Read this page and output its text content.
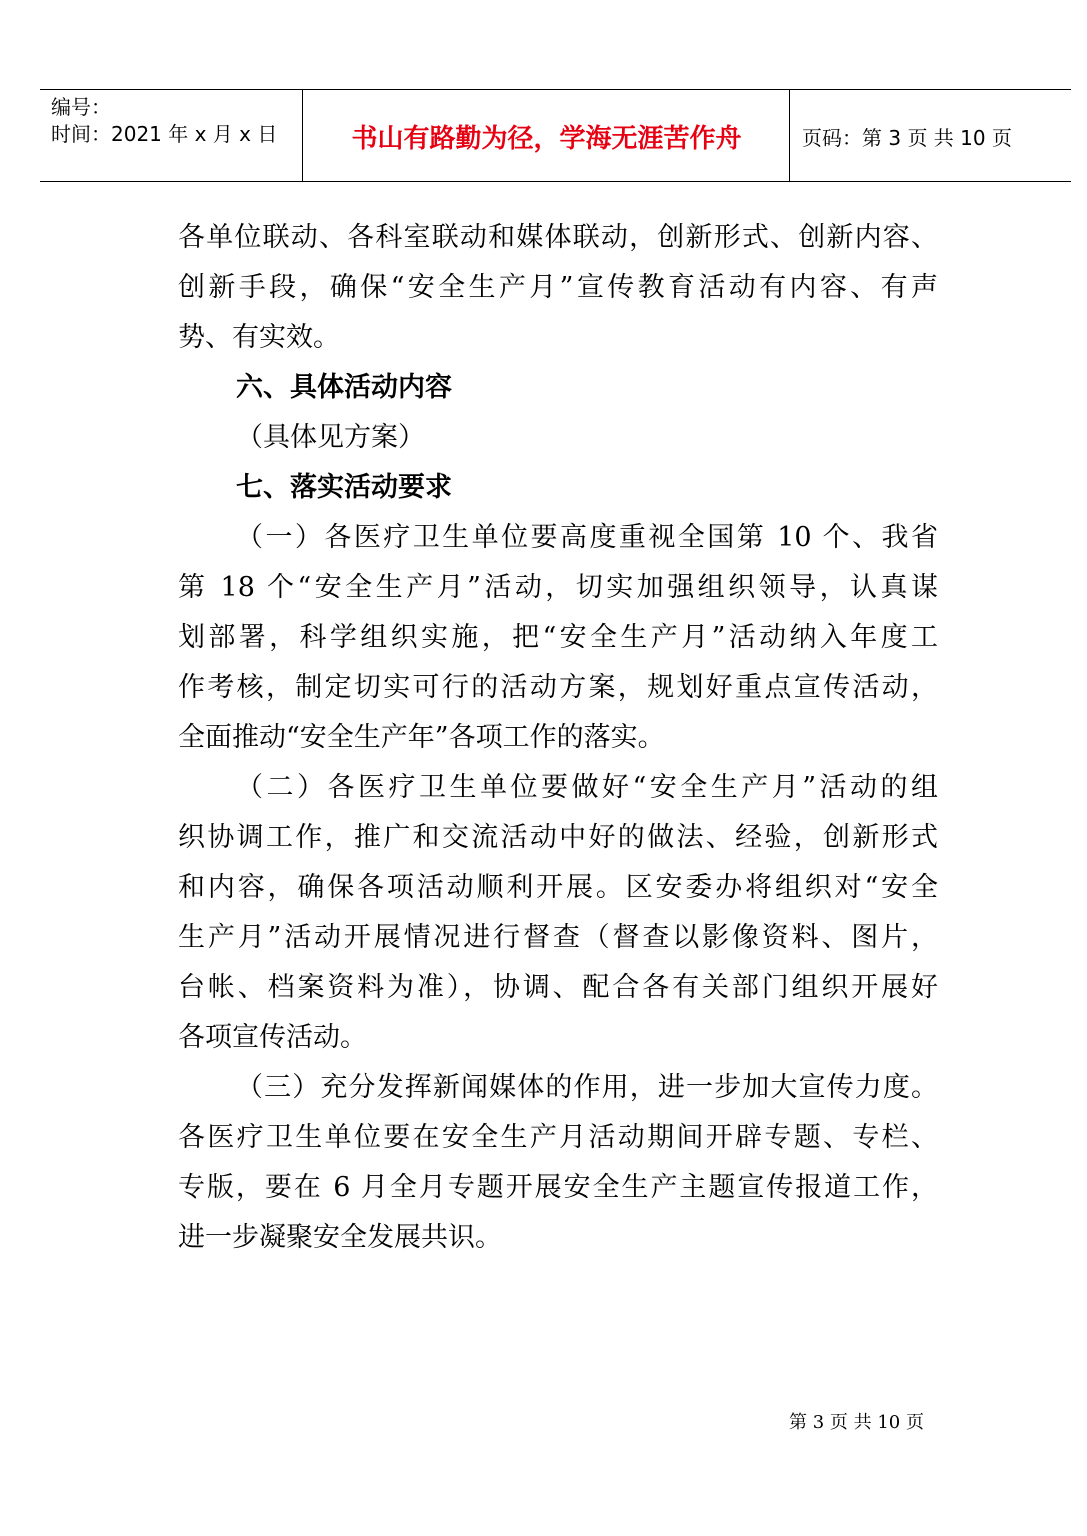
编号：
时间：2021 年 x 月 x 日	书山有路勤为径，学海无涯苦作舟	页码：第 3 页 共 10 页
各单位联动、各科室联动和媒体联动，创新形式、创新内容、
创新手段，确保“安全生产月”宣传教育活动有内容、有声
势、有实效。
六、具体活动内容
（具体见方案）
七、落实活动要求
（一）各医疗卫生单位要高度重视全国第 10 个、我省
第 18 个“安全生产月”活动，切实加强组织领导，认真谋
划部署，科学组织实施，把“安全生产月”活动纳入年度工
作考核，制定切实可行的活动方案，规划好重点宣传活动，
全面推动“安全生产年”各项工作的落实。
（二）各医疗卫生单位要做好“安全生产月”活动的组
织协调工作，推广和交流活动中好的做法、经验，创新形式
和内容，确保各项活动顺利开展。区安委办将组织对“安全
生产月”活动开展情况进行督查（督查以影像资料、图片，
台帐、档案资料为准），协调、配合各有关部门组织开展好
各项宣传活动。
（三）充分发挥新闻媒体的作用，进一步加大宣传力度。
各医疗卫生单位要在安全生产月活动期间开辟专题、专栏、
专版，要在 6 月全月专题开展安全生产主题宣传报道工作，
进一步凝聚安全发展共识。
第 3 页 共 10 页
